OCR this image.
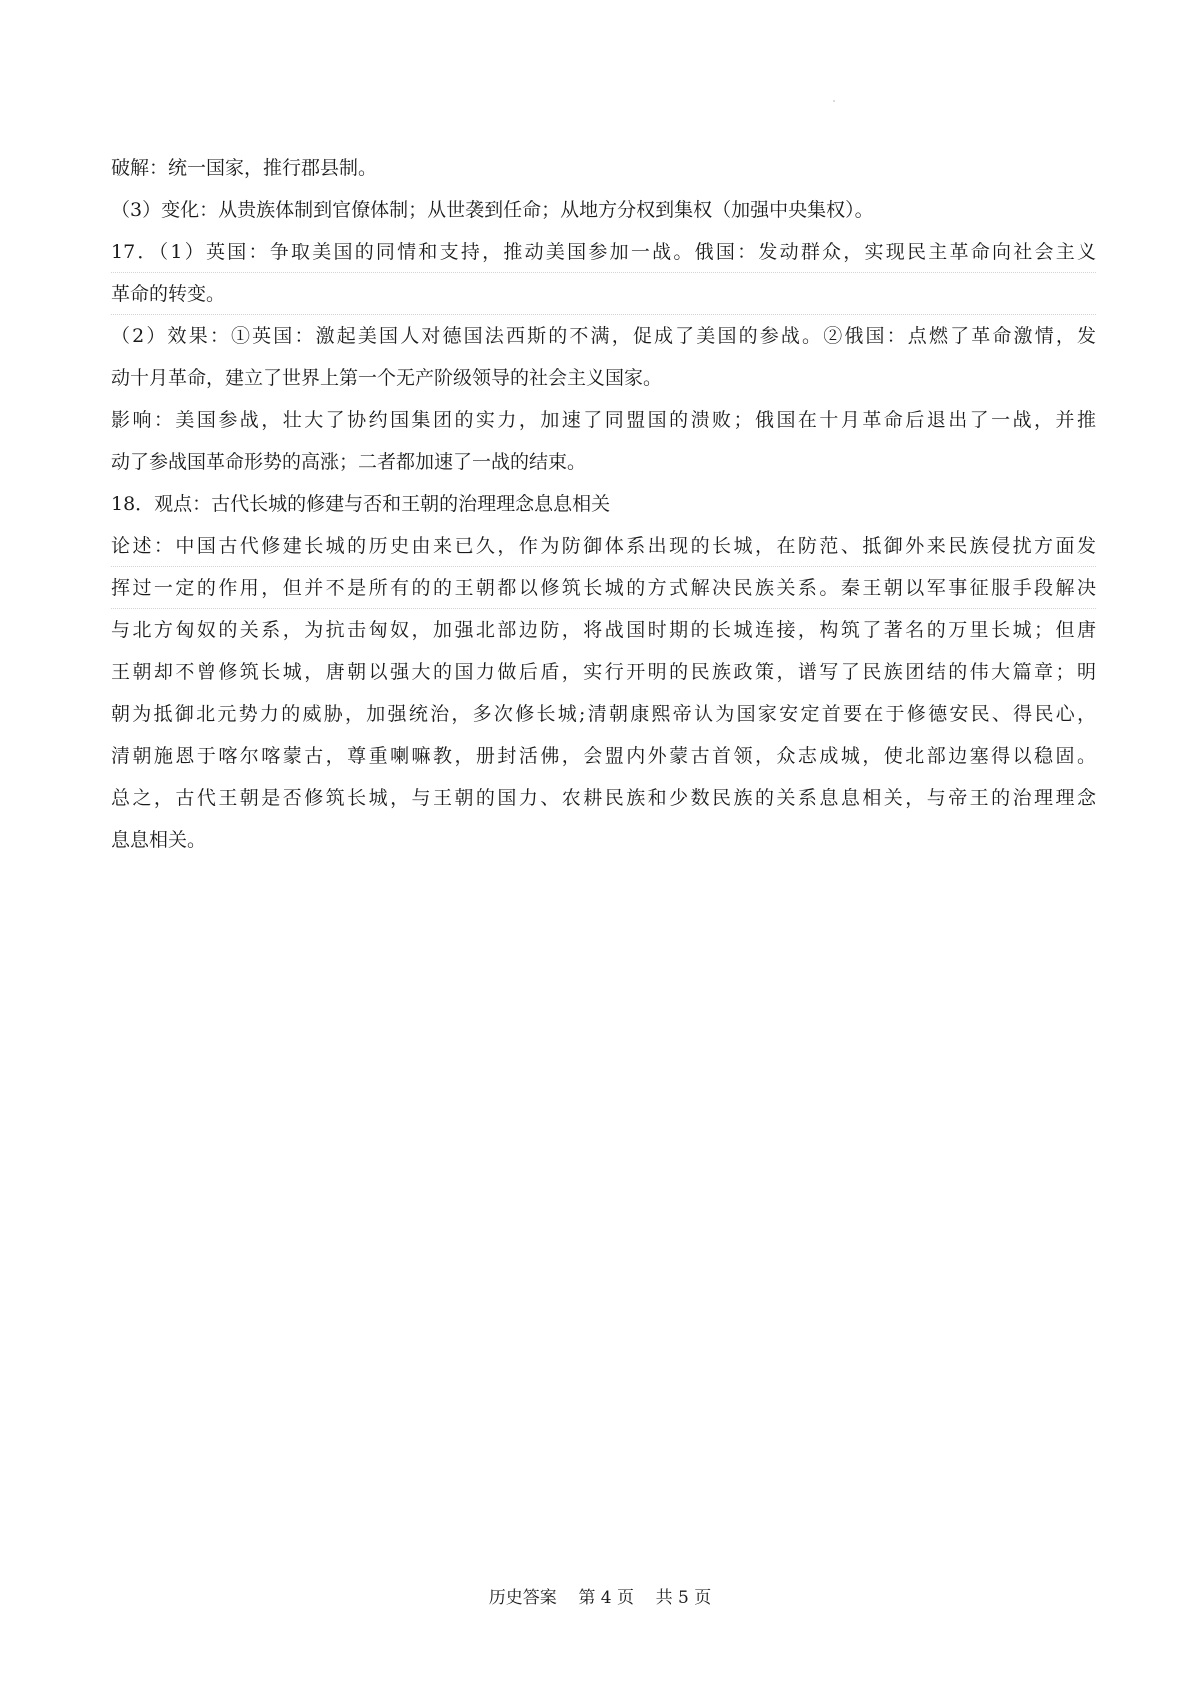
破解：统一国家，推行郡县制。
（3）变化：从贵族体制到官僚体制；从世袭到任命；从地方分权到集权（加强中央集权）。
17．（1）英国：争取美国的同情和支持，推动美国参加一战。俄国：发动群众，实现民主革命向社会主义
革命的转变。
（2）效果：①英国：激起美国人对德国法西斯的不满，促成了美国的参战。②俄国：点燃了革命激情，发
动十月革命，建立了世界上第一个无产阶级领导的社会主义国家。
影响：美国参战，壮大了协约国集团的实力，加速了同盟国的溃败；俄国在十月革命后退出了一战，并推
动了参战国革命形势的高涨；二者都加速了一战的结束。
18．观点：古代长城的修建与否和王朝的治理理念息息相关
论述：中国古代修建长城的历史由来已久，作为防御体系出现的长城，在防范、抵御外来民族侵扰方面发
挥过一定的作用，但并不是所有的的王朝都以修筑长城的方式解决民族关系。秦王朝以军事征服手段解决
与北方匈奴的关系，为抗击匈奴，加强北部边防，将战国时期的长城连接，构筑了著名的万里长城；但唐
王朝却不曾修筑长城，唐朝以强大的国力做后盾，实行开明的民族政策，谱写了民族团结的伟大篇章；明
朝为抵御北元势力的威胁，加强统治，多次修长城;清朝康熙帝认为国家安定首要在于修德安民、得民心，
清朝施恩于喀尔喀蒙古，尊重喇嘛教，册封活佛，会盟内外蒙古首领，众志成城，使北部边塞得以稳固。
总之，古代王朝是否修筑长城，与王朝的国力、农耕民族和少数民族的关系息息相关，与帝王的治理理念
息息相关。
历史答案    第 4 页    共 5 页
